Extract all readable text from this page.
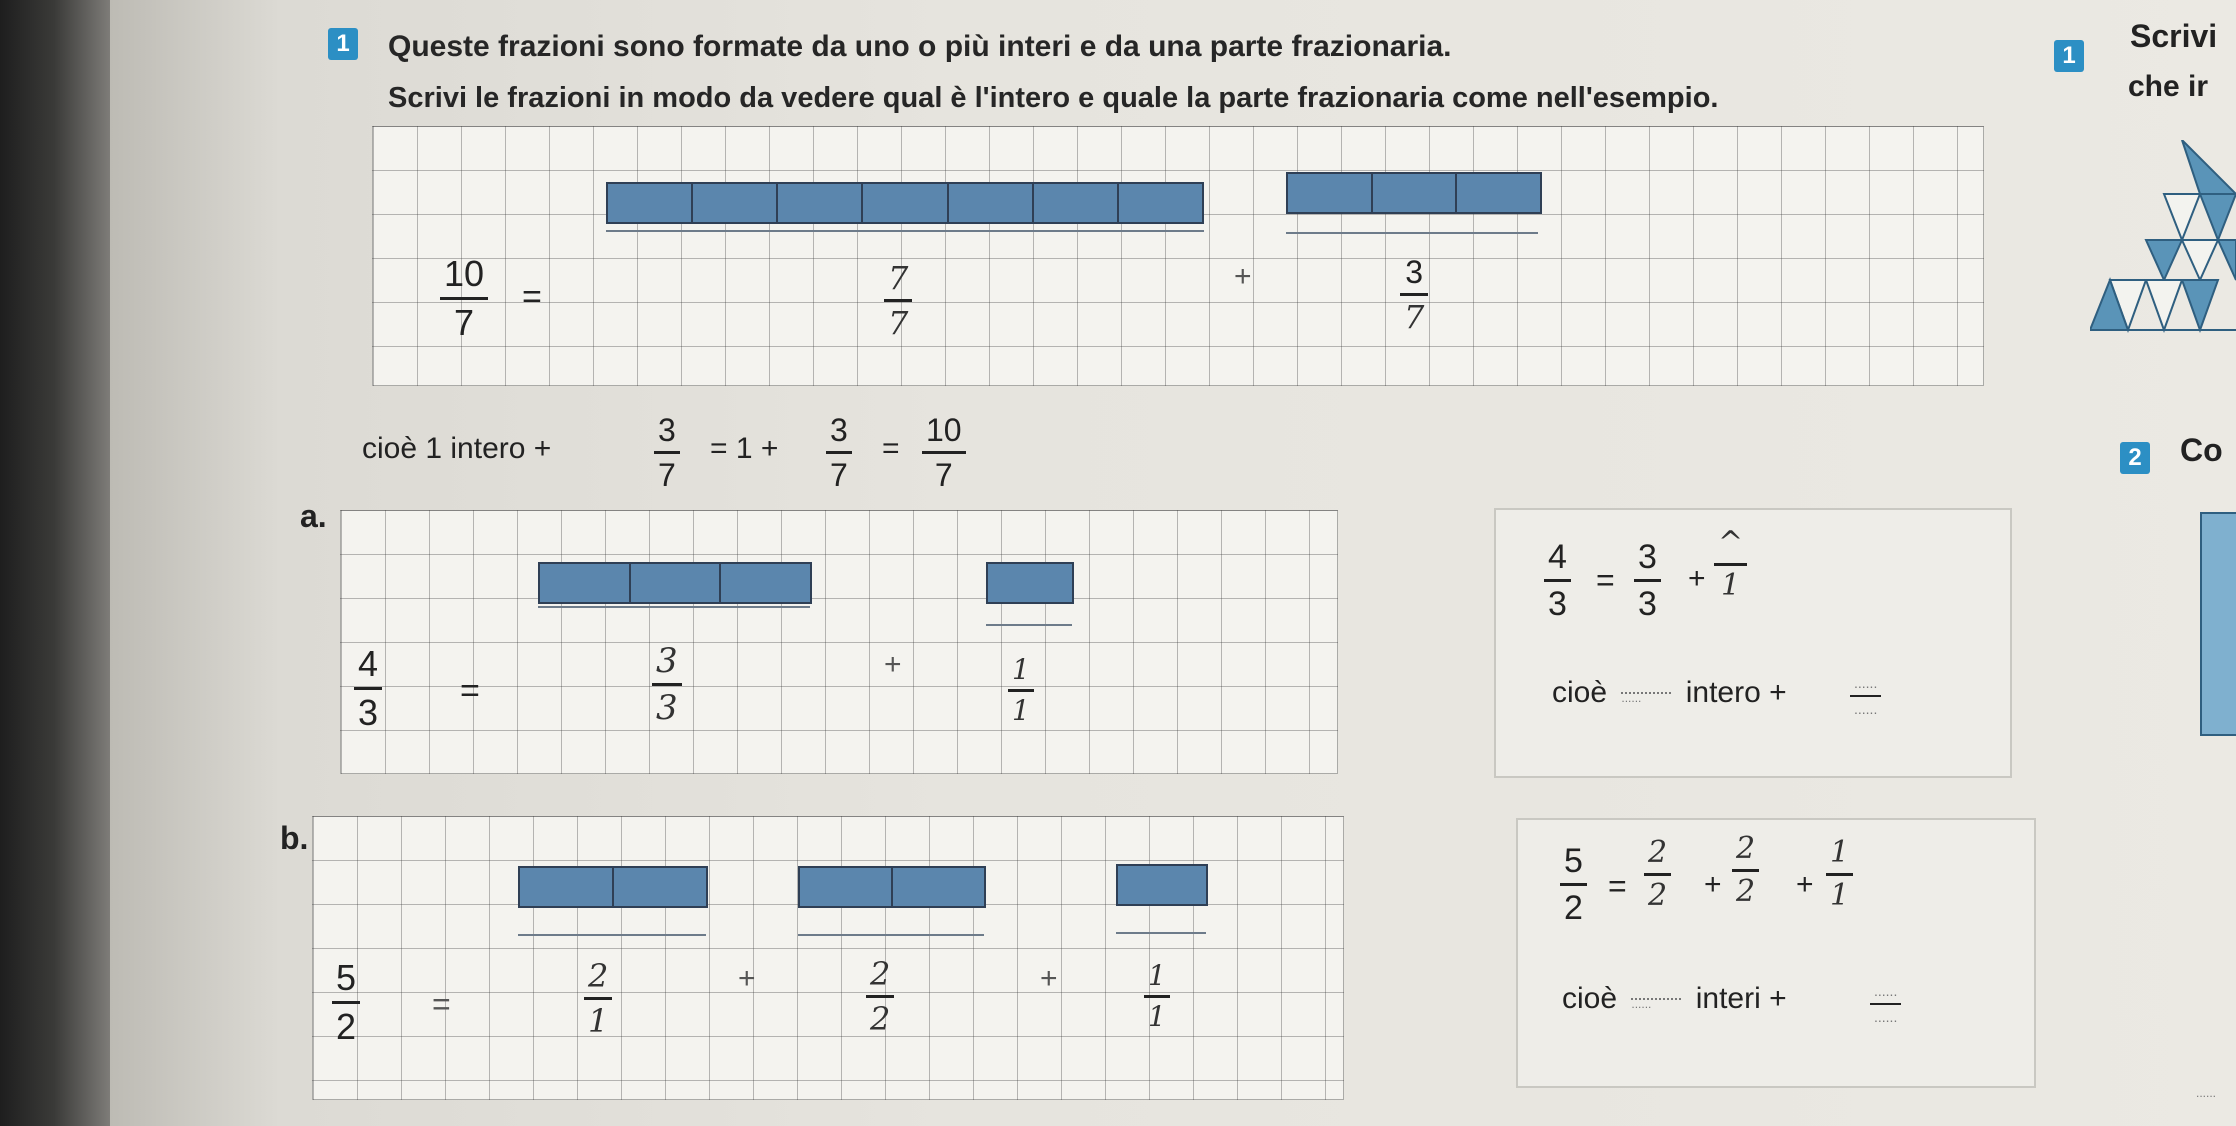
1 Queste frazioni sono formate da uno o più interi e da una parte frazionaria.
Scrivi le frazioni in modo da vedere qual è l'intero e quale la parte frazionaria come nell'esempio.
10
7
=	7
7
+	3
7
cioè 1 intero +
3
7
= 1 +
3
7
=
10
7
a.
4
3
=
3
3
+	1
1
4
3
=
3
3
+
^
1
cioè ...... intero +	......
......
b.
5
2
=
2
1
+	2
2
+	1
1
5
2
=
2
2 +
2
2 +
1
1
cioè ...... interi +	......
......
1
Scrivi
che ir
2 Co
......
